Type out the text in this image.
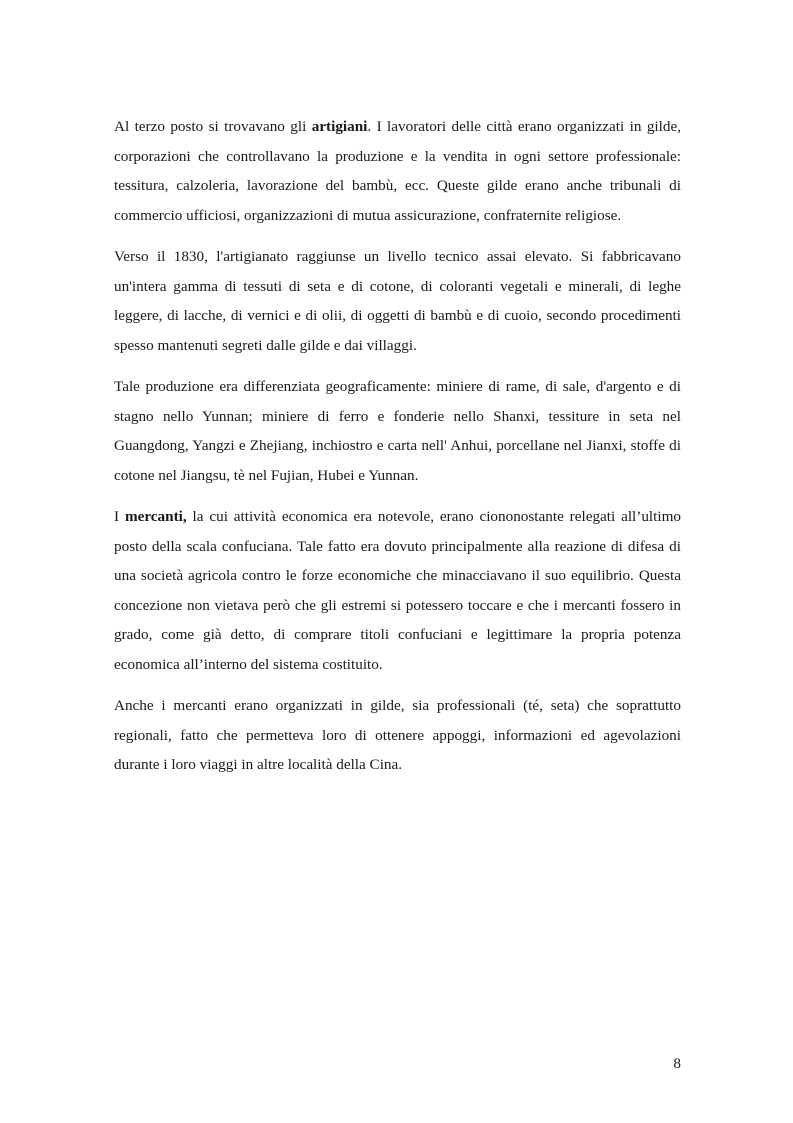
Al terzo posto si trovavano gli artigiani. I lavoratori delle città erano organizzati in gilde, corporazioni che controllavano la produzione e la vendita in ogni settore professionale: tessitura, calzoleria, lavorazione del bambù, ecc. Queste gilde erano anche tribunali di commercio ufficiosi, organizzazioni di mutua assicurazione, confraternite religiose.

Verso il 1830, l'artigianato raggiunse un livello tecnico assai elevato. Si fabbricavano un'intera gamma di tessuti di seta e di cotone, di coloranti vegetali e minerali, di leghe leggere, di lacche, di vernici e di olii, di oggetti di bambù e di cuoio, secondo procedimenti spesso mantenuti segreti dalle gilde e dai villaggi.

Tale produzione era differenziata geograficamente: miniere di rame, di sale, d'argento e di stagno nello Yunnan; miniere di ferro e fonderie nello Shanxi, tessiture in seta nel Guangdong, Yangzi e Zhejiang, inchiostro e carta nell' Anhui, porcellane nel Jianxi, stoffe di cotone nel Jiangsu, tè nel Fujian, Hubei e Yunnan.

I mercanti, la cui attività economica era notevole, erano ciononostante relegati all’ultimo posto della scala confuciana. Tale fatto era dovuto principalmente alla reazione di difesa di una società agricola contro le forze economiche che minacciavano il suo equilibrio. Questa concezione non vietava però che gli estremi si potessero toccare e che i mercanti fossero in grado, come già detto, di comprare titoli confuciani e legittimare la propria potenza economica all’interno del sistema costituito.

Anche i mercanti erano organizzati in gilde, sia professionali (té, seta) che soprattutto regionali, fatto che permetteva loro di ottenere appoggi, informazioni ed agevolazioni durante i loro viaggi in altre località della Cina.

8
